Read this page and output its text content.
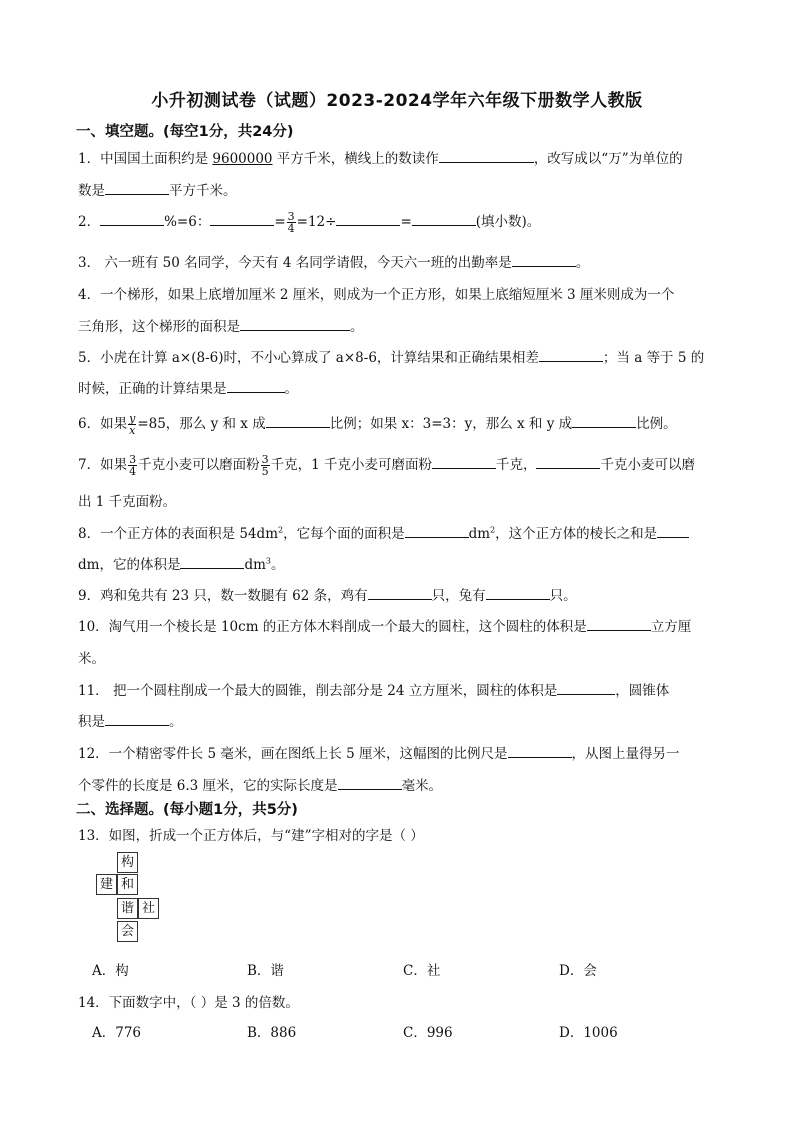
小升初测试卷（试题）2023-2024学年六年级下册数学人教版
一、填空题。(每空1分，共24分)
1．中国国土面积约是 9600000 平方千米，横线上的数读作	，改写成以“万”为单位的
数是	平方千米。
2．	%=6：	= $\frac{3}{4} =12\div$	=	(填小数)。
3． 六一班有 50 名同学，今天有 4 名同学请假，今天六一班的出勤率是	。
4．一个梯形，如果上底增加厘米 2 厘米，则成为一个正方形，如果上底缩短厘米 3 厘米则成为一个
三角形，这个梯形的面积是	。
5．小虎在计算 a×(8-6)时，不小心算成了 a×8-6，计算结果和正确结果相差	；当 a 等于 5 的
时候，正确的计算结果是	。
6．如果 $\frac{y}{x} =85$，那么 y 和 x 成	比例；如果 x：3=3：y，那么 x 和 y 成	比例。
7．如果 $\frac{3}{4}$ 千克小麦可以磨面粉 $\frac{3}{5}$ 千克，1 千克小麦可磨面粉	千克，	千克小麦可以磨
出 1 千克面粉。
8．一个正方体的表面积是 $54dm^2$，它每个面的面积是	$dm^2$，这个正方体的棱长之和是
dm，它的体积是	$dm^3$。
9．鸡和兔共有 23 只，数一数腿有 62 条，鸡有	只，兔有	只。
10．淘气用一个棱长是 10cm 的正方体木料削成一个最大的圆柱，这个圆柱的体积是	立方厘
米。
11． 把一个圆柱削成一个最大的圆锥，削去部分是 24 立方厘米，圆柱的体积是	，圆锥体
积是	。
12．一个精密零件长 5 毫米，画在图纸上长 5 厘米，这幅图的比例尺是	，从图上量得另一
个零件的长度是 6.3 厘米，它的实际长度是	毫米。
二、选择题。(每小题1分，共5分)
13．如图，折成一个正方体后，与“建”字相对的字是（ ）
构
建 和
谐 社
会
A．构	B．谐	C．社	D．会
14．下面数字中，（ ）是 3 的倍数。
A．776	B．886	C．996	D．1006
